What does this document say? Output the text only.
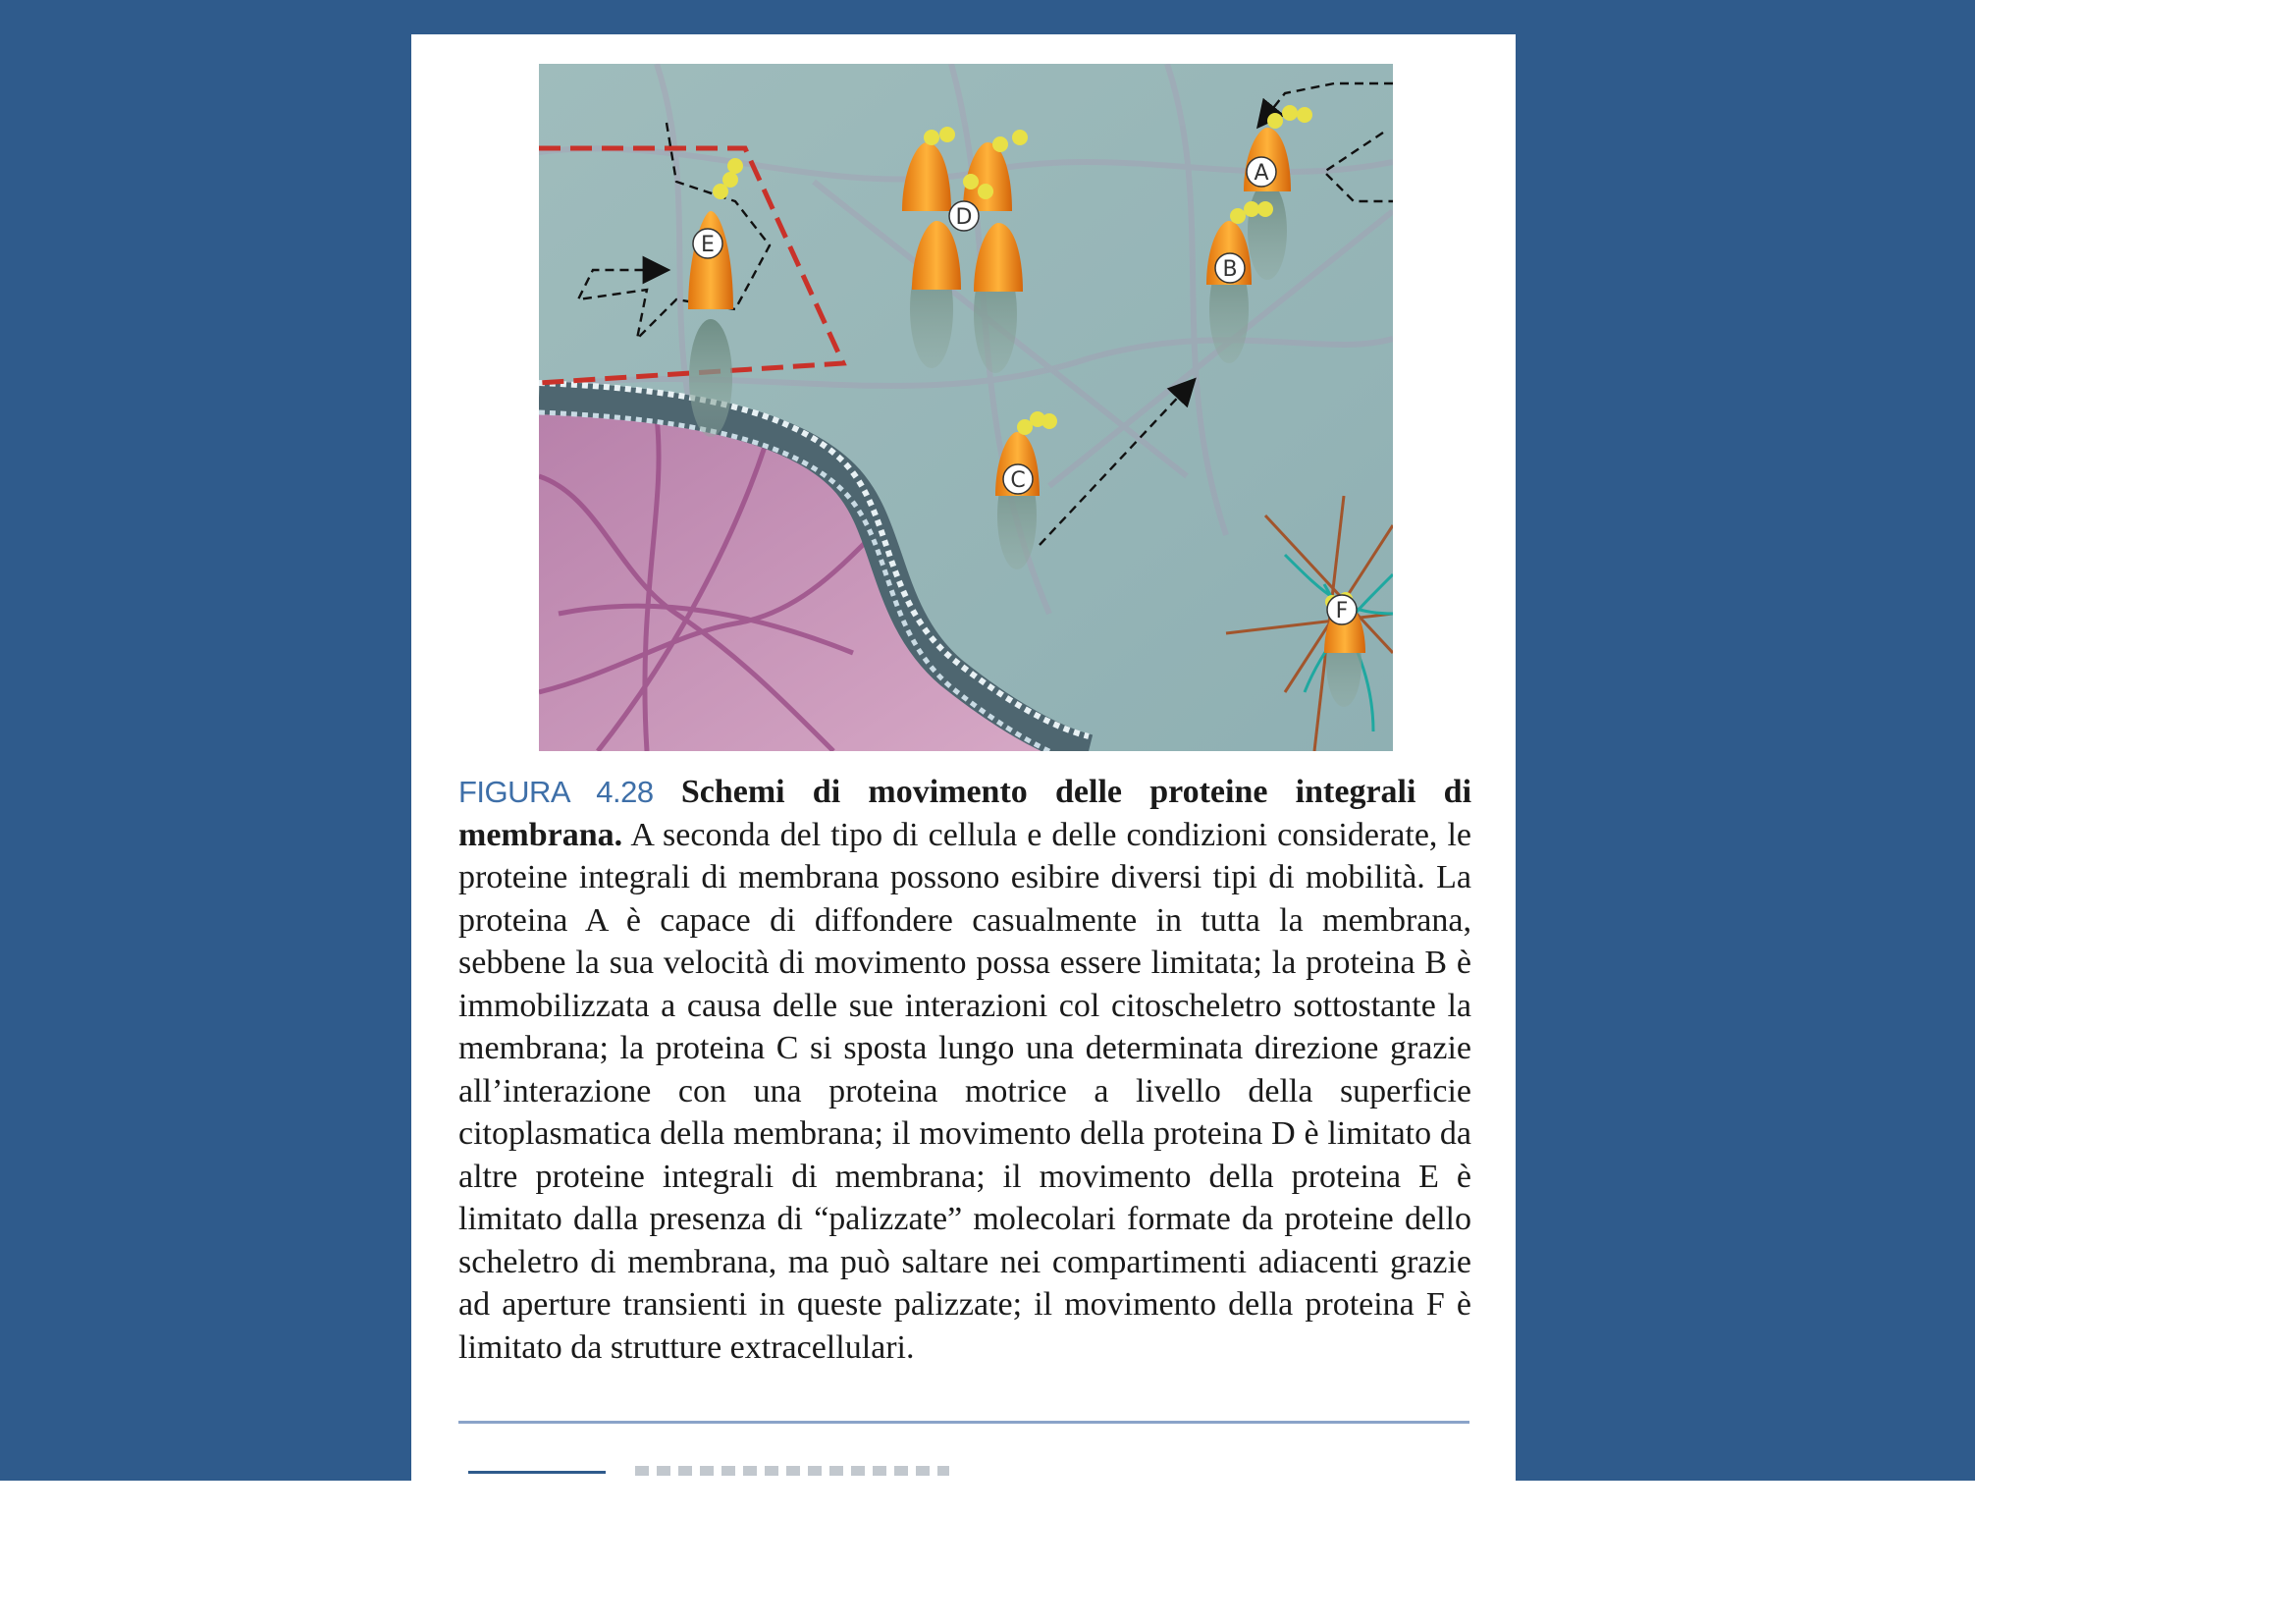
A
B
C
D
E
F
FIGURA 4.28 Schemi di movimento delle proteine integrali di membrana. A seconda del tipo di cellula e delle condizioni considerate, le proteine integrali di membrana possono esibire diversi tipi di mobilità. La proteina A è capace di diffondere casualmente in tutta la membrana, sebbene la sua velocità di movimento possa essere limitata; la proteina B è immobilizzata a causa delle sue interazioni col citoscheletro sottostante la membrana; la proteina C si sposta lungo una determinata direzione grazie all’interazione con una proteina motrice a livello della superficie citoplasmatica della membrana; il movimento della proteina D è limitato da altre proteine integrali di membrana; il movimento della proteina E è limitato dalla presenza di “palizzate” molecolari formate da proteine dello scheletro di membrana, ma può saltare nei compartimenti adiacenti grazie ad aperture transienti in queste palizzate; il movimento della proteina F è limitato da strutture extracellulari.
